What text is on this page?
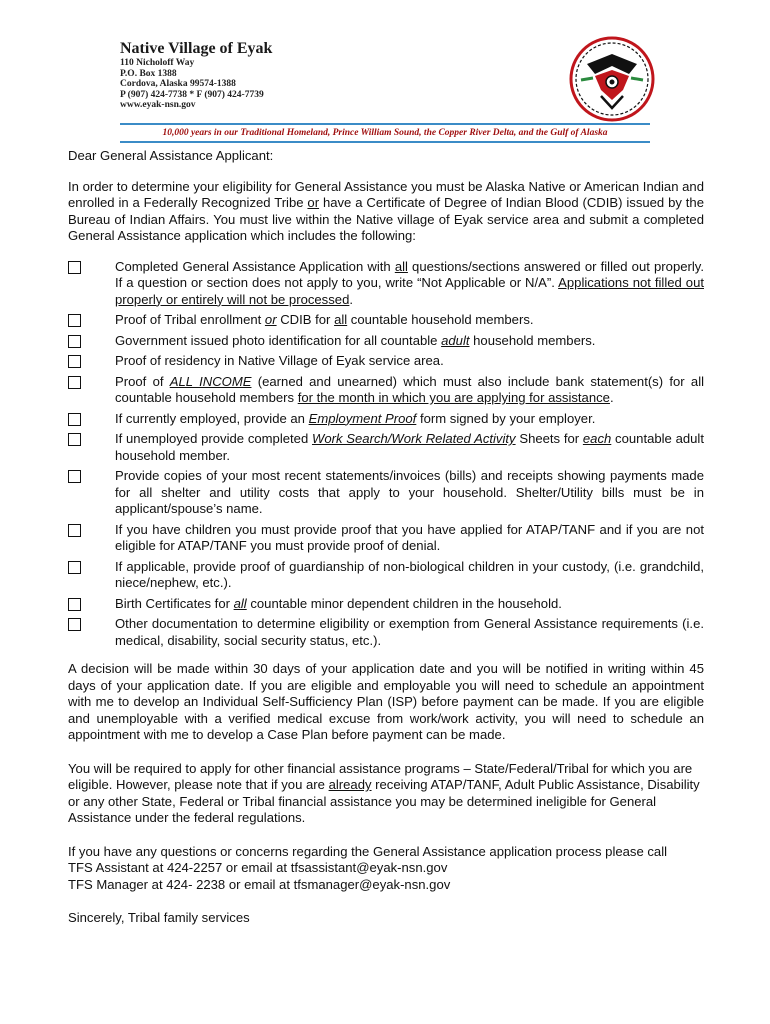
Native Village of Eyak
110 Nicholoff Way
P.O. Box 1388
Cordova, Alaska 99574-1388
P (907) 424-7738 * F (907) 424-7739
www.eyak-nsn.gov
10,000 years in our Traditional Homeland, Prince William Sound, the Copper River Delta, and the Gulf of Alaska

Dear General Assistance Applicant:

In order to determine your eligibility for General Assistance you must be Alaska Native or American Indian and enrolled in a Federally Recognized Tribe or have a Certificate of Degree of Indian Blood (CDIB) issued by the Bureau of Indian Affairs. You must live within the Native village of Eyak service area and submit a completed General Assistance application which includes the following:

Completed General Assistance Application with all questions/sections answered or filled out properly. If a question or section does not apply to you, write “Not Applicable or N/A”. Applications not filled out properly or entirely will not be processed.
Proof of Tribal enrollment or CDIB for all countable household members.
Government issued photo identification for all countable adult household members.
Proof of residency in Native Village of Eyak service area.
Proof of ALL INCOME (earned and unearned) which must also include bank statement(s) for all countable household members for the month in which you are applying for assistance.
If currently employed, provide an Employment Proof form signed by your employer.
If unemployed provide completed Work Search/Work Related Activity Sheets for each countable adult household member.
Provide copies of your most recent statements/invoices (bills) and receipts showing payments made for all shelter and utility costs that apply to your household. Shelter/Utility bills must be in applicant/spouse’s name.
If you have children you must provide proof that you have applied for ATAP/TANF and if you are not eligible for ATAP/TANF you must provide proof of denial.
If applicable, provide proof of guardianship of non-biological children in your custody, (i.e. grandchild, niece/nephew, etc.).
Birth Certificates for all countable minor dependent children in the household.
Other documentation to determine eligibility or exemption from General Assistance requirements (i.e. medical, disability, social security status, etc.).

A decision will be made within 30 days of your application date and you will be notified in writing within 45 days of your application date. If you are eligible and employable you will need to schedule an appointment with me to develop an Individual Self-Sufficiency Plan (ISP) before payment can be made. If you are eligible and unemployable with a verified medical excuse from work/work activity, you will need to schedule an appointment with me to develop a Case Plan before payment can be made.

You will be required to apply for other financial assistance programs – State/Federal/Tribal for which you are eligible. However, please note that if you are already receiving ATAP/TANF, Adult Public Assistance, Disability or any other State, Federal or Tribal financial assistance you may be determined ineligible for General Assistance under the federal regulations.

If you have any questions or concerns regarding the General Assistance application process please call
TFS Assistant at 424-2257 or email at tfsassistant@eyak-nsn.gov
TFS Manager at 424- 2238 or email at tfsmanager@eyak-nsn.gov

Sincerely, Tribal family services
